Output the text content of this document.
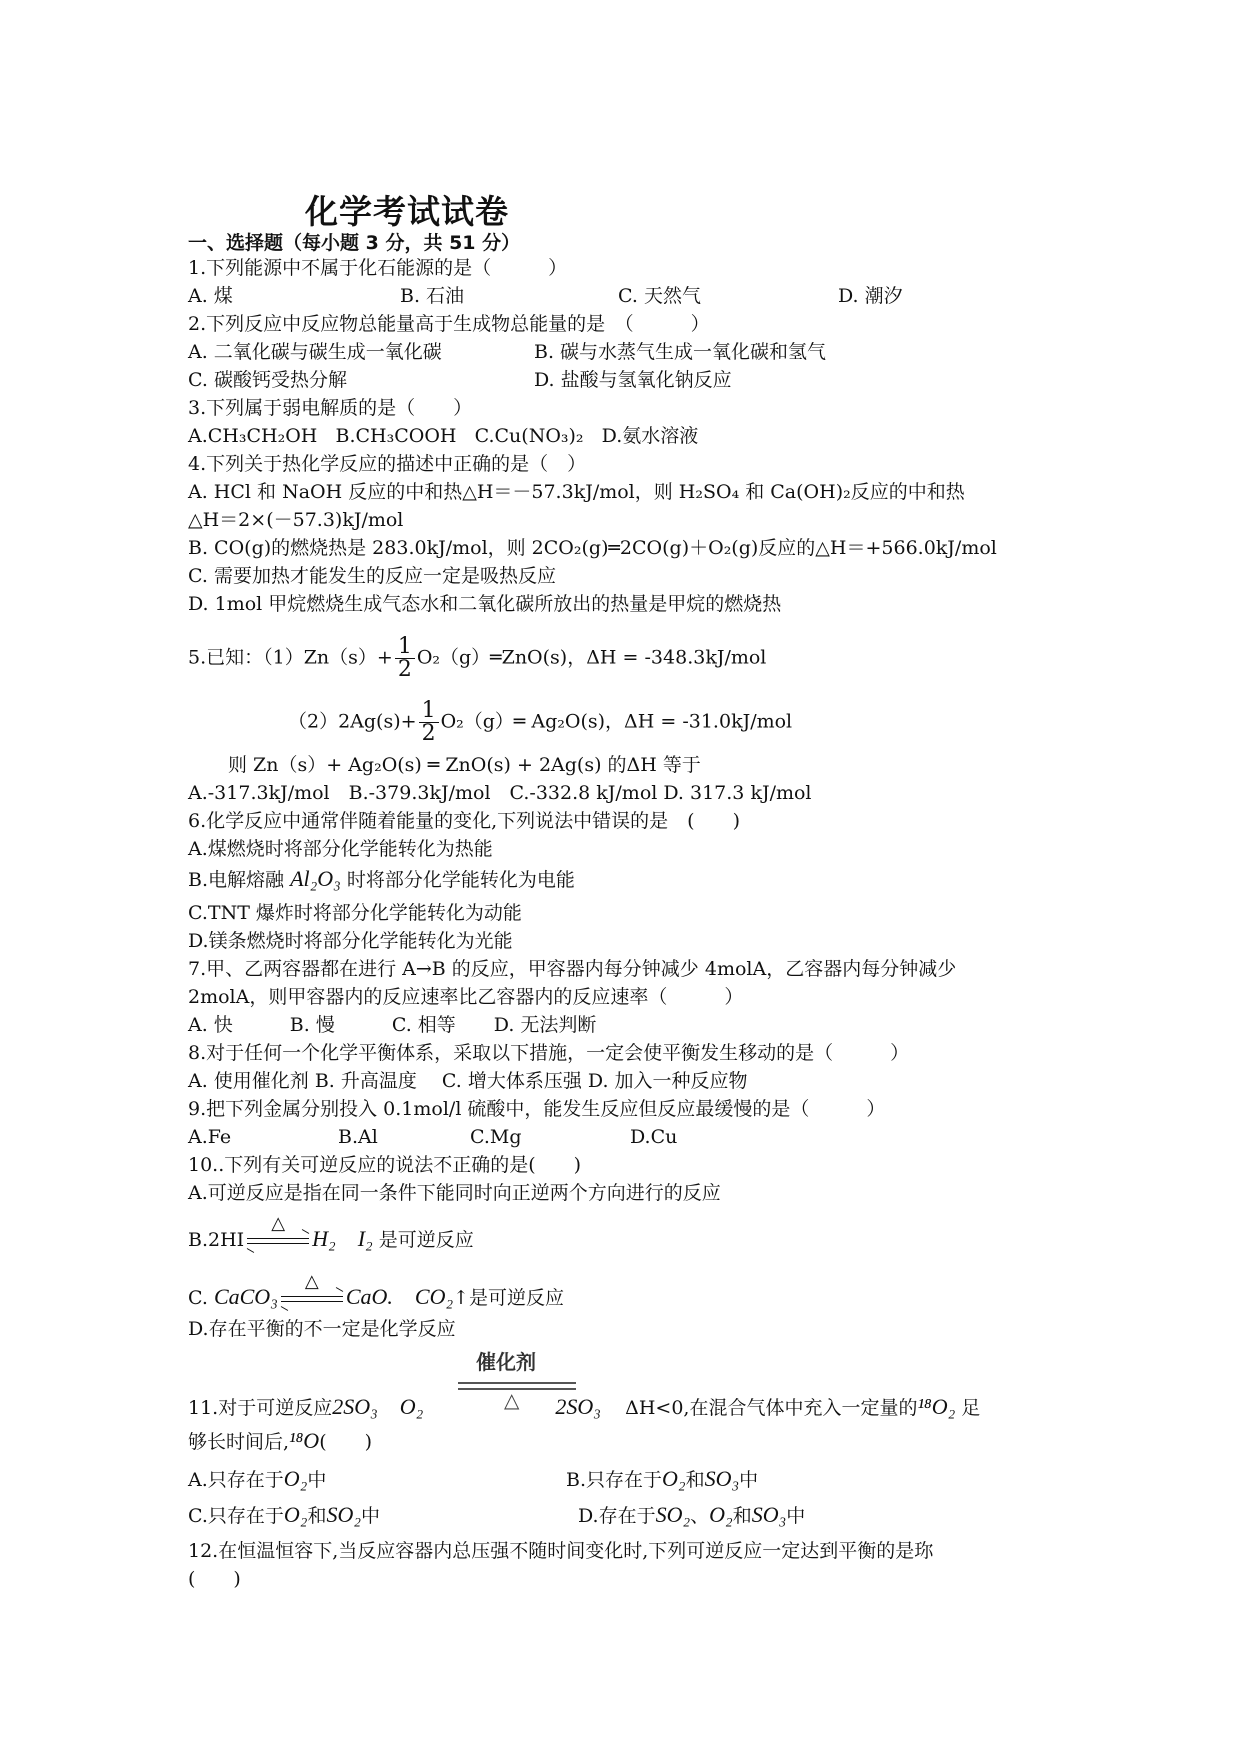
化学考试试卷
一、选择题（每小题 3 分，共 51 分）
1.下列能源中不属于化石能源的是（　　　）
A. 煤	B. 石油	C. 天然气	D. 潮汐
2.下列反应中反应物总能量高于生成物总能量的是　（　　　）
A. 二氧化碳与碳生成一氧化碳	B. 碳与水蒸气生成一氧化碳和氢气
C. 碳酸钙受热分解	D. 盐酸与氢氧化钠反应
3.下列属于弱电解质的是（　　）
A.CH₃CH₂OH B.CH₃COOH C.Cu(NO₃)₂ D.氨水溶液
4.下列关于热化学反应的描述中正确的是（　）
A. HCl 和 NaOH 反应的中和热△H＝－57.3kJ/mol，则 H₂SO₄ 和 Ca(OH)₂反应的中和热
△H＝2×(－57.3)kJ/mol
B. CO(g)的燃烧热是 283.0kJ/mol，则 2CO₂(g)═2CO(g)＋O₂(g)反应的△H＝+566.0kJ/mol
C. 需要加热才能发生的反应一定是吸热反应
D. 1mol 甲烷燃烧生成气态水和二氧化碳所放出的热量是甲烷的燃烧热
5.已知：$(1)Zn(s)+ \frac{1}{2}$ O₂（g）═ZnO(s)，ΔH = -348.3kJ/mol
$(2)2Ag(s)+ \frac{1}{2}$ O₂（g）═ Ag₂O(s)，ΔH = -31.0kJ/mol
则 Zn（s）+ Ag₂O(s) ═ ZnO(s) + 2Ag(s) 的ΔH 等于
A.-317.3kJ/mol　B.-379.3kJ/mol　C.-332.8 kJ/mol D. 317.3 kJ/mol
6.化学反应中通常伴随着能量的变化,下列说法中错误的是　(　　)
A.煤燃烧时将部分化学能转化为热能
B.电解熔融 Al₂O₃ 时将部分化学能转化为电能
C.TNT 爆炸时将部分化学能转化为动能
D.镁条燃烧时将部分化学能转化为光能
7.甲、乙两容器都在进行 A→B 的反应，甲容器内每分钟减少 4molA，乙容器内每分钟减少
2molA，则甲容器内的反应速率比乙容器内的反应速率（　　　）
A. 快　　　B. 慢　　　C. 相等　　D. 无法判断
8.对于任何一个化学平衡体系，采取以下措施，一定会使平衡发生移动的是（　　　）
A. 使用催化剂 B. 升高温度　 C. 增大体系压强 D. 加入一种反应物
9.把下列金属分别投入 0.1mol/l 硫酸中，能发生反应但反应最缓慢的是（　　　）
A.Fe	B.Al	C.Mg	D.Cu
10..下列有关可逆反应的说法不正确的是(　　)
A.可逆反应是指在同一条件下能同时向正逆两个方向进行的反应
B.2HI
△
H₂　I₂ 是可逆反应
C. CaCO₃
△
CaO.　CO₂↑是可逆反应
D.存在平衡的不一定是化学反应
催化剂
△
11.对于可逆反应2SO₃　O₂	2SO₃ ΔH<0,在混合气体中充入一定量的¹⁸O₂ 足
够长时间后,¹⁸O(　　)
A.只存在于O₂中	B.只存在于O₂和SO₃中
C.只存在于O₂和SO₂中	D.存在于SO₂、O₂和SO₃中
12.在恒温恒容下,当反应容器内总压强不随时间变化时,下列可逆反应一定达到平衡的是珎
(　　)
